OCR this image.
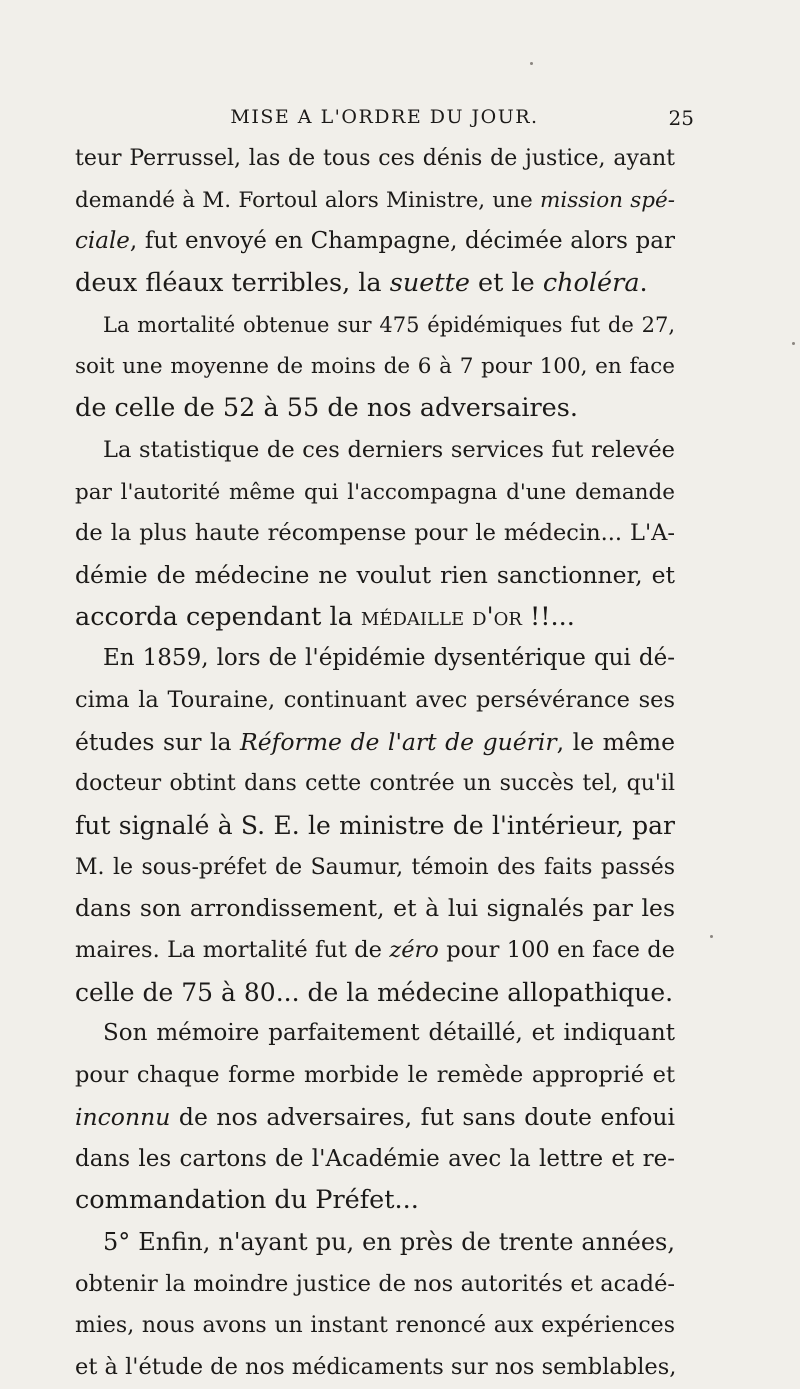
MISE A L'ORDRE DU JOUR.	25
teur Perrussel, las de tous ces dénis de justice, ayant
demandé à M. Fortoul alors Ministre, une mission spé-
ciale, fut envoyé en Champagne, décimée alors par
deux fléaux terribles, la suette et le choléra.
La mortalité obtenue sur 475 épidémiques fut de 27,
soit une moyenne de moins de 6 à 7 pour 100, en face
de celle de 52 à 55 de nos adversaires.
La statistique de ces derniers services fut relevée
par l'autorité même qui l'accompagna d'une demande
de la plus haute récompense pour le médecin... L'A-
démie de médecine ne voulut rien sanctionner, et
accorda cependant la médaille d'or !!...
En 1859, lors de l'épidémie dysentérique qui dé-
cima la Touraine, continuant avec persévérance ses
études sur la Réforme de l'art de guérir, le même
docteur obtint dans cette contrée un succès tel, qu'il
fut signalé à S. E. le ministre de l'intérieur, par
M. le sous-préfet de Saumur, témoin des faits passés
dans son arrondissement, et à lui signalés par les
maires. La mortalité fut de zéro pour 100 en face de
celle de 75 à 80... de la médecine allopathique.
Son mémoire parfaitement détaillé, et indiquant
pour chaque forme morbide le remède approprié et
inconnu de nos adversaires, fut sans doute enfoui
dans les cartons de l'Académie avec la lettre et re-
commandation du Préfet...
5° Enfin, n'ayant pu, en près de trente années,
obtenir la moindre justice de nos autorités et acadé-
mies, nous avons un instant renoncé aux expériences
et à l'étude de nos médicaments sur nos semblables,
